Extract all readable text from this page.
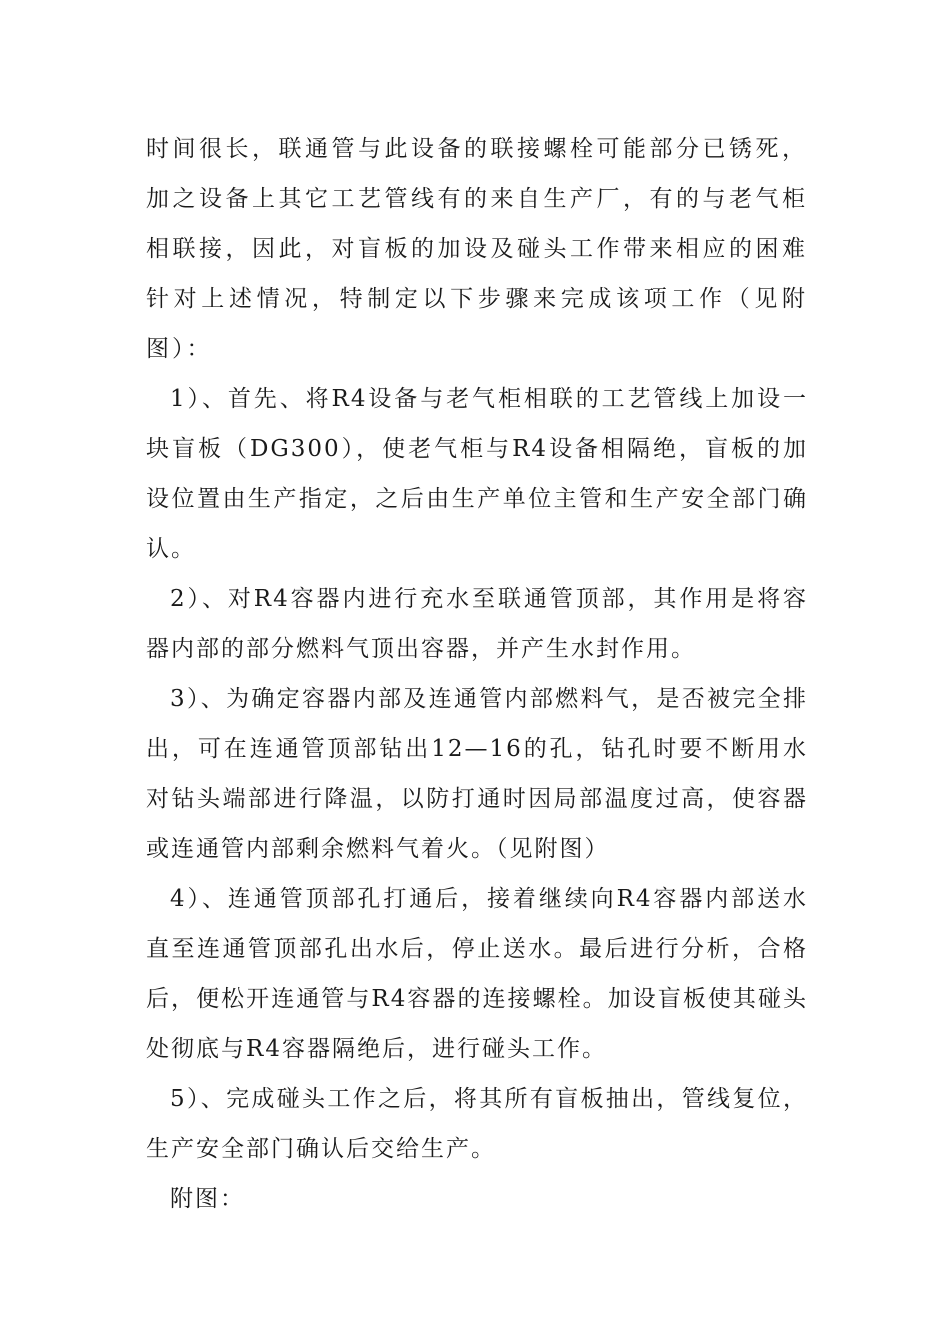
时间很长，联通管与此设备的联接螺栓可能部分已锈死，加之设备上其它工艺管线有的来自生产厂，有的与老气柜相联接，因此，对盲板的加设及碰头工作带来相应的困难针对上述情况，特制定以下步骤来完成该项工作（见附图）：

1）、首先、将R4设备与老气柜相联的工艺管线上加设一块盲板（DG300），使老气柜与R4设备相隔绝，盲板的加设位置由生产指定，之后由生产单位主管和生产安全部门确认。

2）、对R4容器内进行充水至联通管顶部，其作用是将容器内部的部分燃料气顶出容器，并产生水封作用。

3）、为确定容器内部及连通管内部燃料气，是否被完全排出，可在连通管顶部钻出12—16的孔，钻孔时要不断用水对钻头端部进行降温，以防打通时因局部温度过高，使容器或连通管内部剩余燃料气着火。（见附图）

4）、连通管顶部孔打通后，接着继续向R4容器内部送水直至连通管顶部孔出水后，停止送水。最后进行分析，合格后，便松开连通管与R4容器的连接螺栓。加设盲板使其碰头处彻底与R4容器隔绝后，进行碰头工作。

5）、完成碰头工作之后，将其所有盲板抽出，管线复位，生产安全部门确认后交给生产。

附图：
